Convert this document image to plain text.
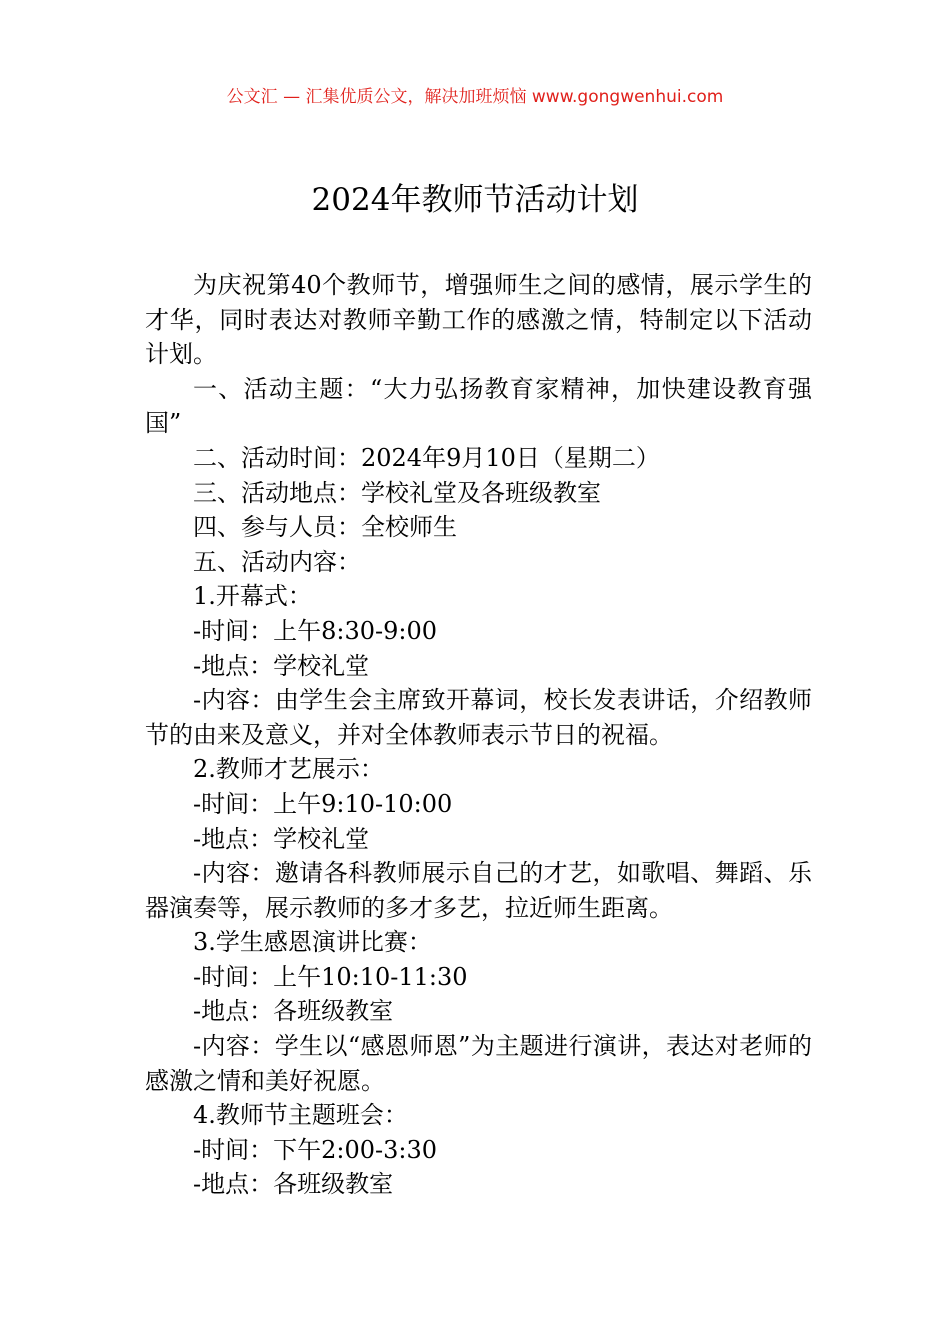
公文汇 — 汇集优质公文，解决加班烦恼 www.gongwenhui.com
2024年教师节活动计划

为庆祝第40个教师节，增强师生之间的感情，展示学生的才华，同时表达对教师辛勤工作的感激之情，特制定以下活动计划。

一、活动主题：“大力弘扬教育家精神，加快建设教育强国”

二、活动时间：2024年9月10日（星期二）

三、活动地点：学校礼堂及各班级教室

四、参与人员：全校师生

五、活动内容：

1.开幕式：

-时间：上午8:30-9:00

-地点：学校礼堂

-内容：由学生会主席致开幕词，校长发表讲话，介绍教师节的由来及意义，并对全体教师表示节日的祝福。

2.教师才艺展示：

-时间：上午9:10-10:00

-地点：学校礼堂

-内容：邀请各科教师展示自己的才艺，如歌唱、舞蹈、乐器演奏等，展示教师的多才多艺，拉近师生距离。

3.学生感恩演讲比赛：

-时间：上午10:10-11:30

-地点：各班级教室

-内容：学生以“感恩师恩”为主题进行演讲，表达对老师的感激之情和美好祝愿。

4.教师节主题班会：

-时间：下午2:00-3:30

-地点：各班级教室
